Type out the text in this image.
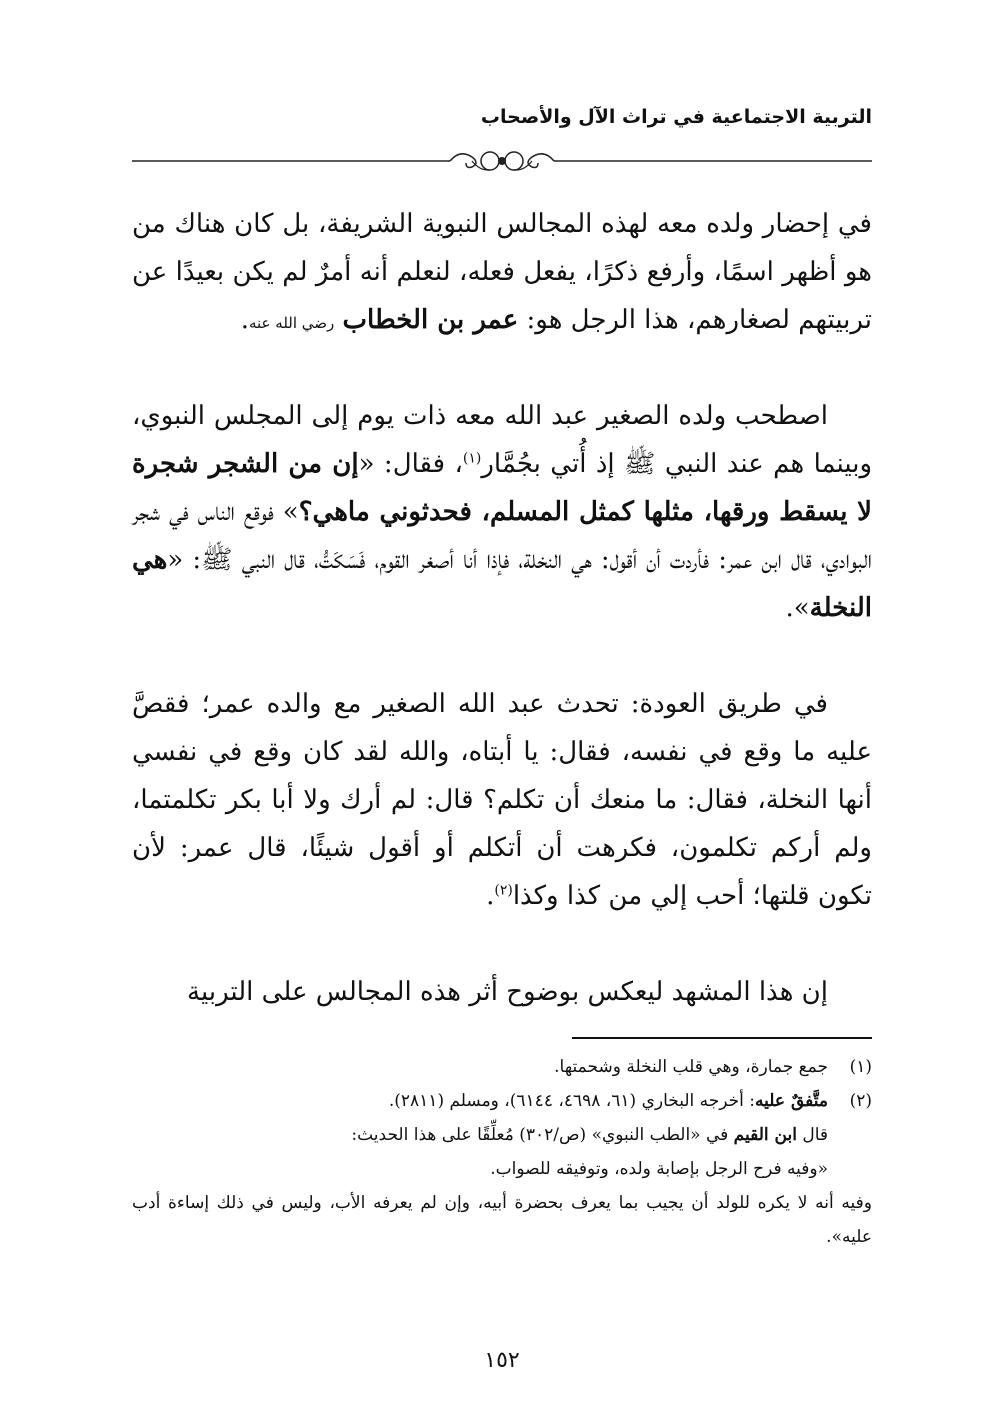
التربية الاجتماعية في تراث الآل والأصحاب

في إحضار ولده معه لهذه المجالس النبوية الشريفة، بل كان هناك من هو أظهر اسمًا، وأرفع ذكرًا، يفعل فعله، لنعلم أنه أمرٌ لم يكن بعيدًا عن تربيتهم لصغارهم، هذا الرجل هو: عمر بن الخطاب رضي الله عنه.

اصطحب ولده الصغير عبد الله معه ذات يوم إلى المجلس النبوي، وبينما هم عند النبي ﷺ إذ أُتي بجُمَّار$^{(١)}$، فقال: «إن من الشجر شجرة لا يسقط ورقها، مثلها كمثل المسلم، فحدثوني ماهي؟» فوقع الناس في شجر البوادي، قال ابن عمر: فأردت أن أقول: هي النخلة، فإذا أنا أصغر القوم، فَسَكَتُّ، قال النبي ﷺ: «هي النخلة».

في طريق العودة: تحدث عبد الله الصغير مع والده عمر؛ فقصَّ عليه ما وقع في نفسه، فقال: يا أبتاه، والله لقد كان وقع في نفسي أنها النخلة، فقال: ما منعك أن تكلم؟ قال: لم أرك ولا أبا بكر تكلمتما، ولم أركم تكلمون، فكرهت أن أتكلم أو أقول شيئًا، قال عمر: لأن تكون قلتها؛ أحب إلي من كذا وكذا$^{(٢)}$.

إن هذا المشهد ليعكس بوضوح أثر هذه المجالس على التربية

(١)جمع جمارة، وهي قلب النخلة وشحمتها.

(٢)متَّفقٌ عليه: أخرجه البخاري (٦١، ٤٦٩٨، ٦١٤٤)، ومسلم (٢٨١١).

قال ابن القيم في «الطب النبوي» (ص/٣٠٢) مُعلِّقًا على هذا الحديث:

«وفيه فرح الرجل بإصابة ولده، وتوفيقه للصواب.

وفيه أنه لا يكره للولد أن يجيب بما يعرف بحضرة أبيه، وإن لم يعرفه الأب، وليس في ذلك إساءة أدب عليه».

١٥٢
